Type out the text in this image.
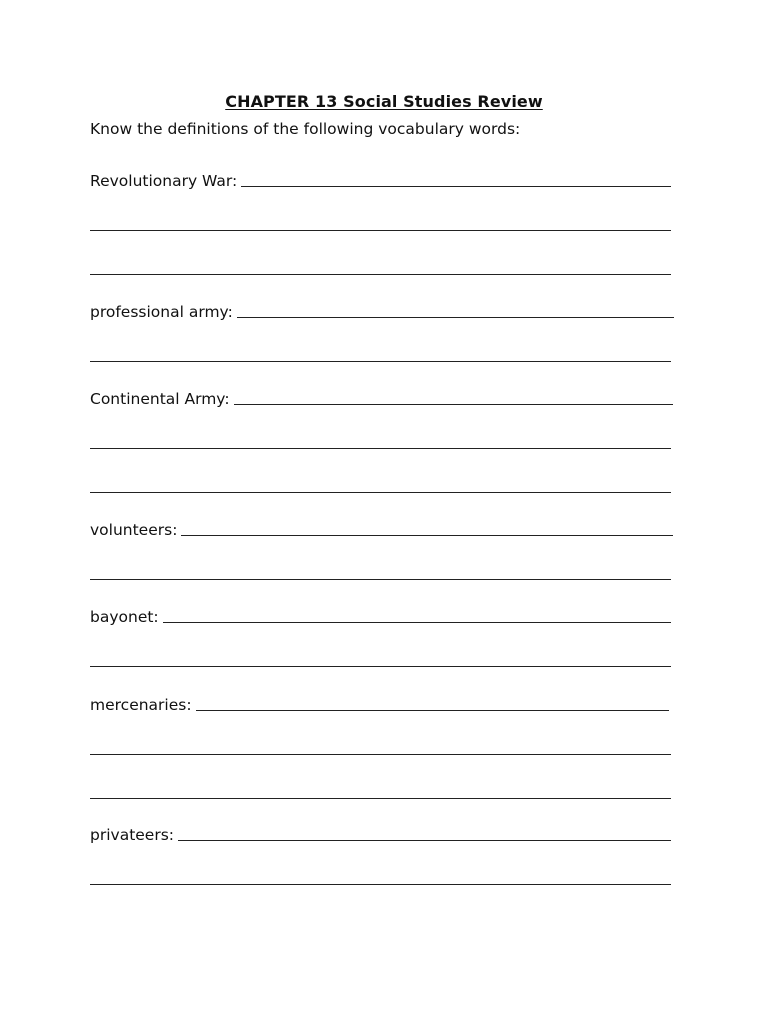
CHAPTER 13 Social Studies Review
Know the definitions of the following vocabulary words:
Revolutionary War:
professional army:
Continental Army:
volunteers:
bayonet:
mercenaries:
privateers:
